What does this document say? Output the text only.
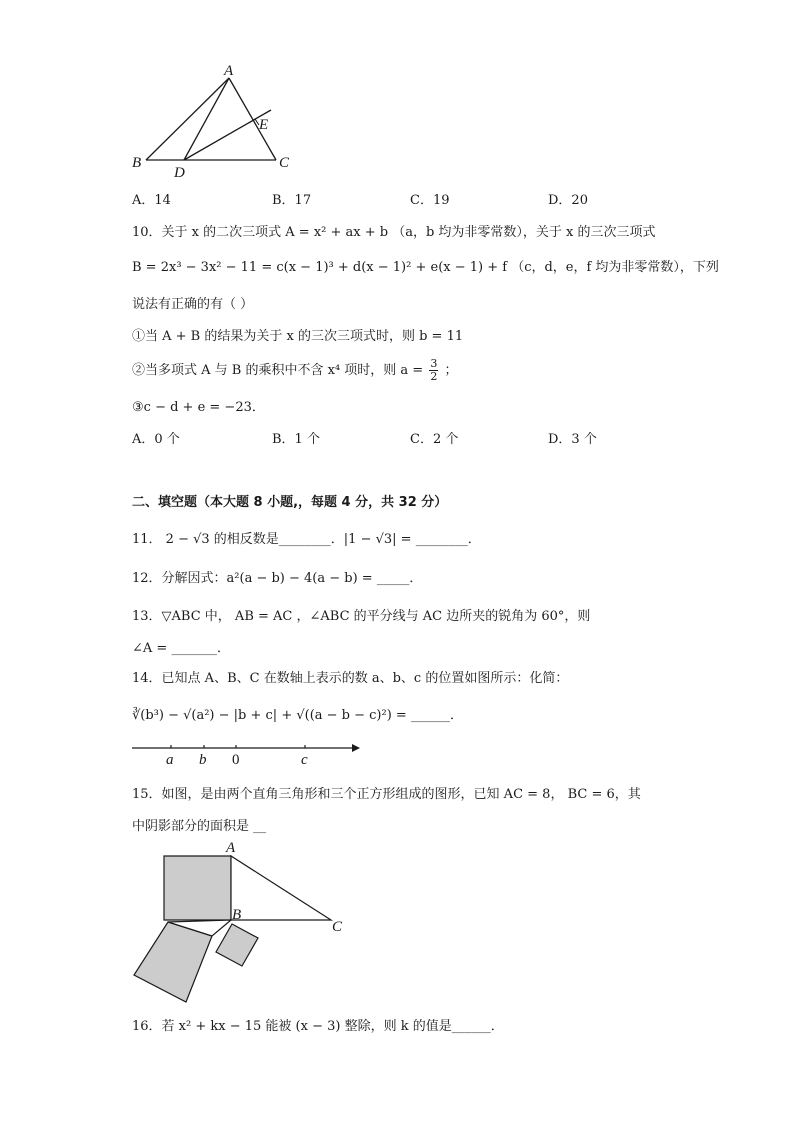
A
B	C
D
E
A．14	B．17	C．19	D．20
10．关于 x 的二次三项式 A = x² + ax + b （a，b 均为非零常数），关于 x 的三次三项式
B = 2x³ − 3x² − 11 = c(x − 1)³ + d(x − 1)² + e(x − 1) + f （c，d，e，f 均为非零常数），下列
说法有正确的有（ ）
①当 A + B 的结果为关于 x 的三次三项式时，则 b = 11
②当多项式 A 与 B 的乘积中不含 x⁴ 项时，则 $a = \frac{3}{2}$ ；
③c − d + e = −23．
A．0 个	B．1 个	C．2 个	D．3 个
二、填空题（本大题 8 小题,，每题 4 分，共 32 分）
11． 2 − √3 的相反数是________．|1 − √3| = ________．
12．分解因式：a²(a − b) − 4(a − b) = _____．
13．▽ABC 中， AB = AC ，∠ABC 的平分线与 AC 边所夹的锐角为 60°，则
∠A = _______．
14．已知点 A、B、C 在数轴上表示的数 a、b、c 的位置如图所示：化简：
∛(b³) − √(a²) − |b + c| + √((a − b − c)²) = ______．
a b 0	c
15．如图，是由两个直角三角形和三个正方形组成的图形，已知 AC = 8， BC = 6，其
中阴影部分的面积是 __
A
B
C
16．若 x² + kx − 15 能被 (x − 3) 整除，则 k 的值是______．
